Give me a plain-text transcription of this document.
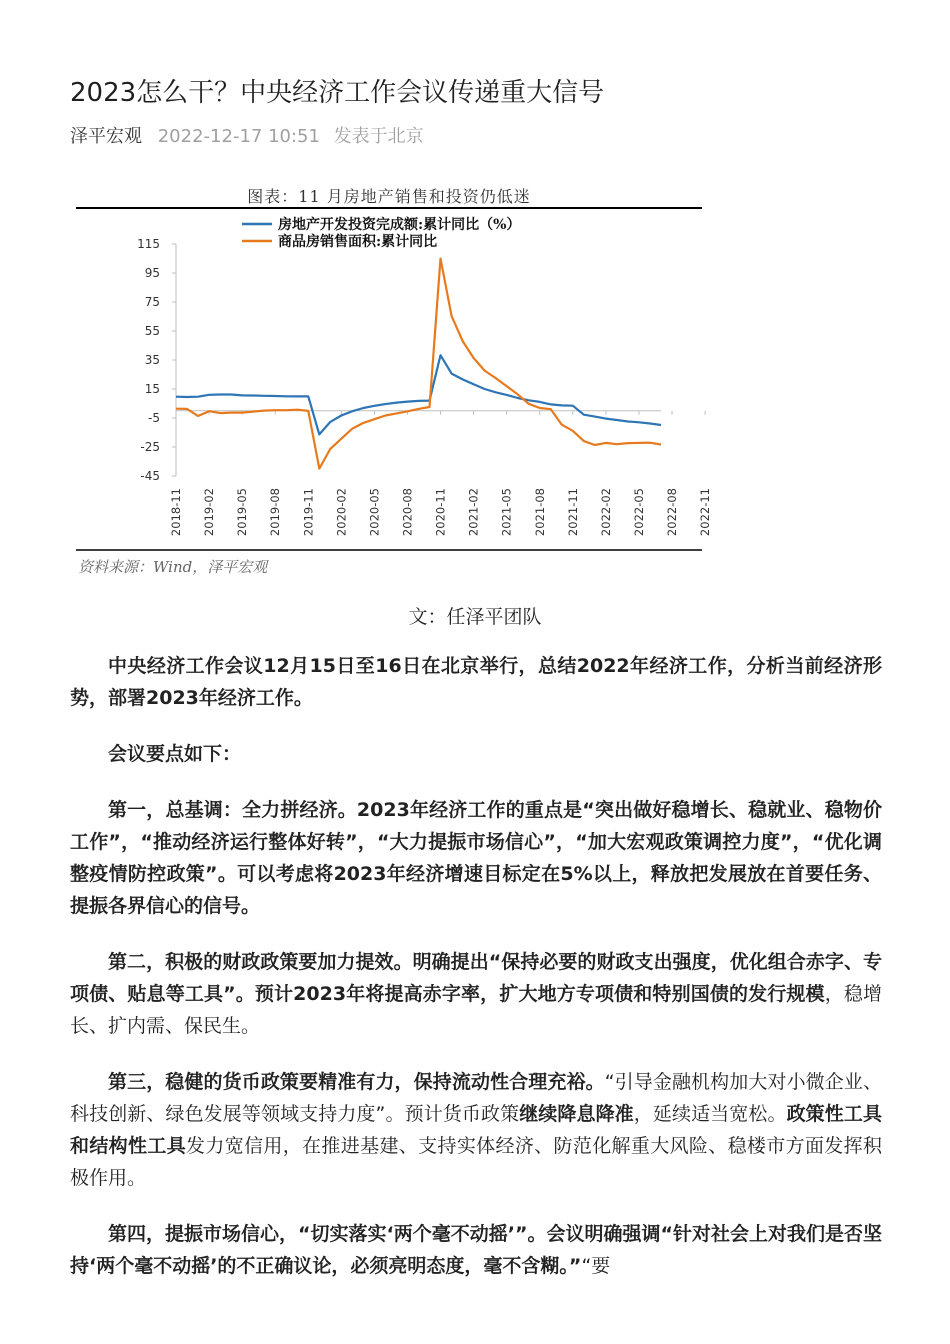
2023怎么干？中央经济工作会议传递重大信号
泽平宏观 2022-12-17 10:51 发表于北京
图表：11 月房地产销售和投资仍低迷
115
95
75
55
35
15
-5
-25
-45
2018-11 2019-02 2019-05 2019-08 2019-11 2020-02 2020-05 2020-08 2020-11 2021-02 2021-05 2021-08 2021-11 2022-02 2022-05 2022-08 2022-11
房地产开发投资完成额:累计同比（%）
商品房销售面积:累计同比
资料来源：Wind，泽平宏观
文：任泽平团队

中央经济工作会议12月15日至16日在北京举行，总结2022年经济工作，分析当前经济形势，部署2023年经济工作。

会议要点如下：

第一，总基调：全力拼经济。2023年经济工作的重点是“突出做好稳增长、稳就业、稳物价工作”，“推动经济运行整体好转”，“大力提振市场信心”，“加大宏观政策调控力度”，“优化调整疫情防控政策”。可以考虑将2023年经济增速目标定在5%以上，释放把发展放在首要任务、提振各界信心的信号。

第二，积极的财政政策要加力提效。明确提出“保持必要的财政支出强度，优化组合赤字、专项债、贴息等工具”。预计2023年将提高赤字率，扩大地方专项债和特别国债的发行规模，稳增长、扩内需、保民生。

第三，稳健的货币政策要精准有力，保持流动性合理充裕。“引导金融机构加大对小微企业、科技创新、绿色发展等领域支持力度”。预计货币政策继续降息降准，延续适当宽松。政策性工具和结构性工具发力宽信用，在推进基建、支持实体经济、防范化解重大风险、稳楼市方面发挥积极作用。

第四，提振市场信心，“切实落实‘两个毫不动摇’”。会议明确强调“针对社会上对我们是否坚持‘两个毫不动摇’的不正确议论，必须亮明态度，毫不含糊。”“要
